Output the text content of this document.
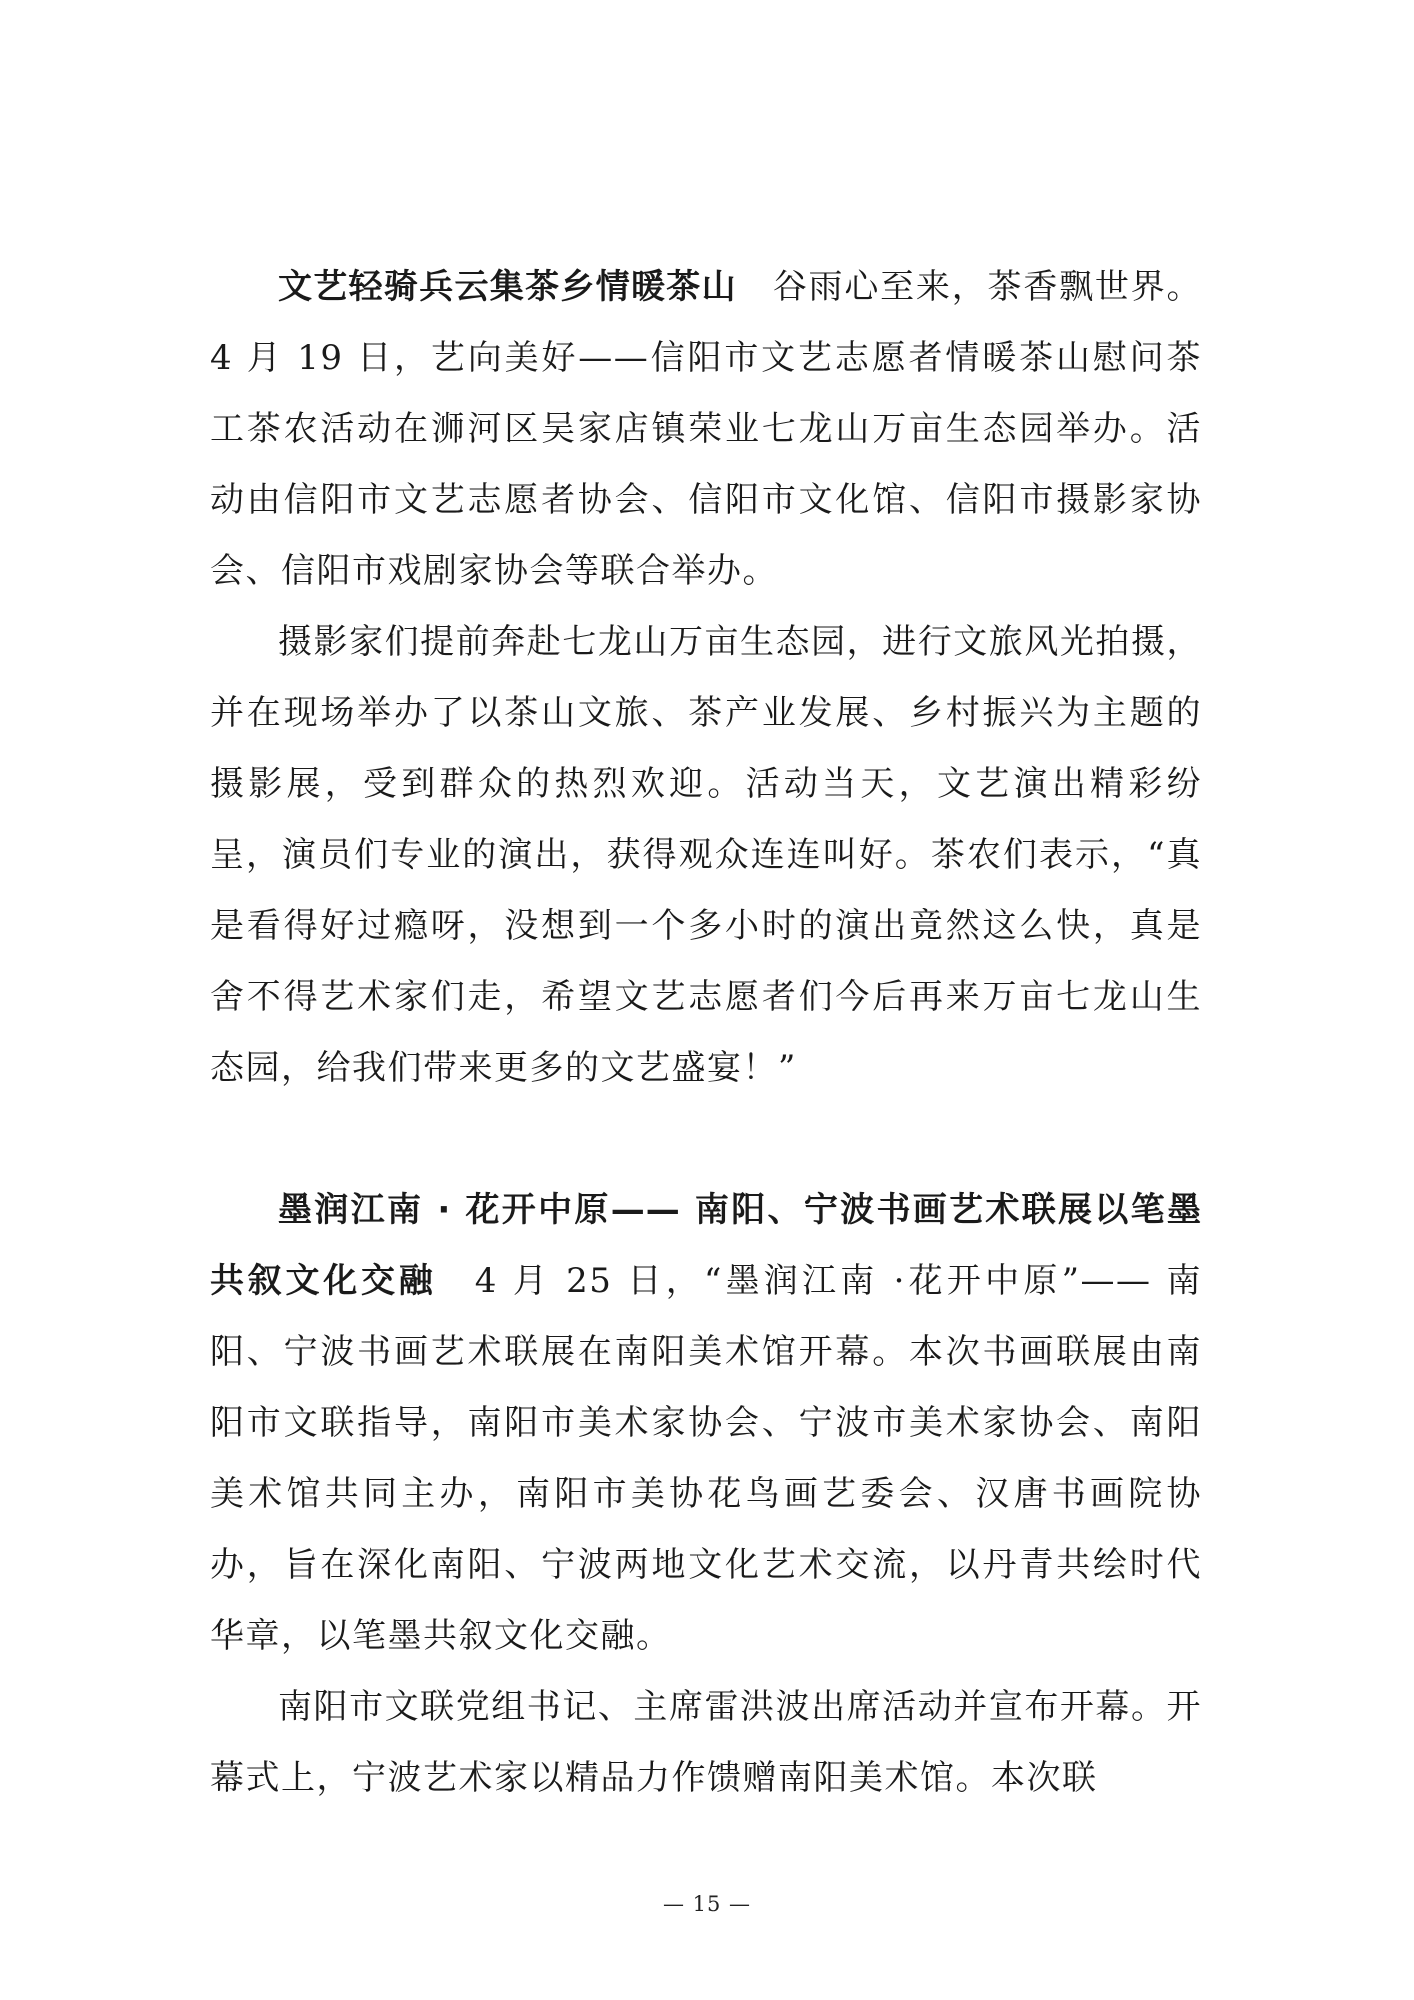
文艺轻骑兵云集茶乡情暖茶山　 谷雨心至来，茶香飘世界。4 月 19 日，艺向美好——信阳市文艺志愿者情暖茶山慰问茶工茶农活动在浉河区吴家店镇荣业七龙山万亩生态园举办。活动由信阳市文艺志愿者协会、信阳市文化馆、信阳市摄影家协会、信阳市戏剧家协会等联合举办。

摄影家们提前奔赴七龙山万亩生态园，进行文旅风光拍摄，并在现场举办了以茶山文旅、茶产业发展、乡村振兴为主题的摄影展，受到群众的热烈欢迎。活动当天，文艺演出精彩纷呈，演员们专业的演出，获得观众连连叫好。茶农们表示，“真是看得好过瘾呀，没想到一个多小时的演出竟然这么快，真是舍不得艺术家们走，希望文艺志愿者们今后再来万亩七龙山生态园，给我们带来更多的文艺盛宴！”

墨润江南 · 花开中原—— 南阳、宁波书画艺术联展以笔墨共叙文化交融　 4 月 25 日，“墨润江南 ·花开中原”—— 南阳、宁波书画艺术联展在南阳美术馆开幕。本次书画联展由南阳市文联指导，南阳市美术家协会、宁波市美术家协会、南阳美术馆共同主办，南阳市美协花鸟画艺委会、汉唐书画院协办，旨在深化南阳、宁波两地文化艺术交流，以丹青共绘时代华章，以笔墨共叙文化交融。

南阳市文联党组书记、主席雷洪波出席活动并宣布开幕。开幕式上，宁波艺术家以精品力作馈赠南阳美术馆。本次联

— 15 —
